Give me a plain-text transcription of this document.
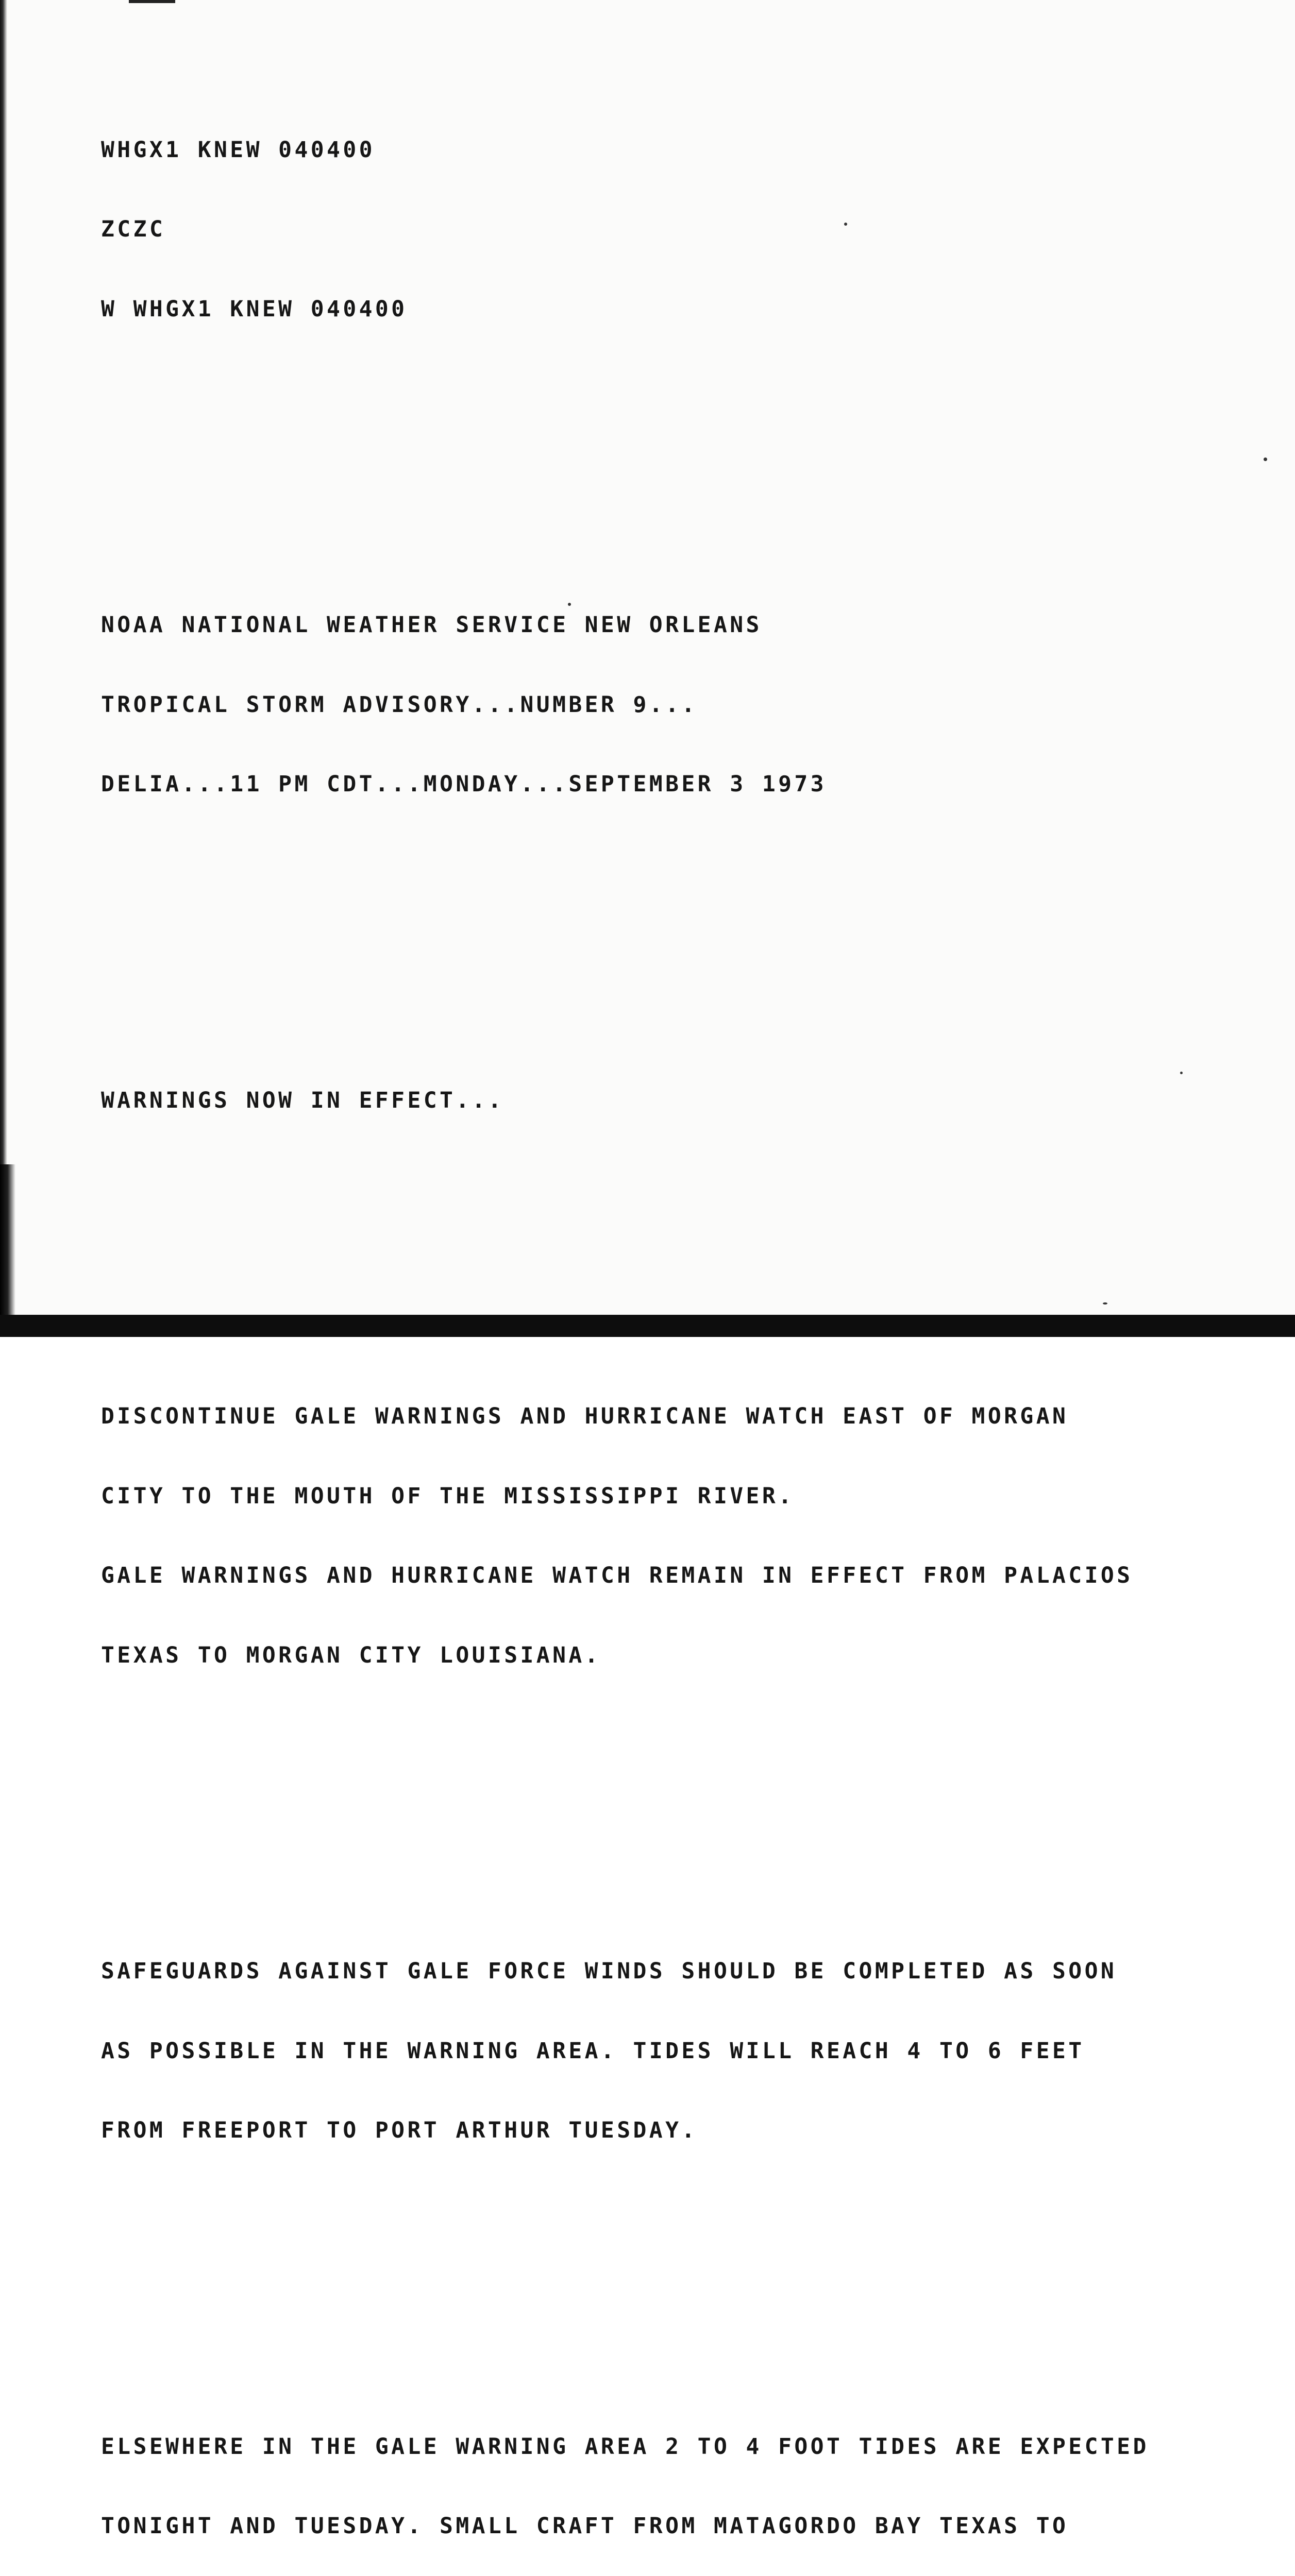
WHGX1 KNEW 040400

ZCZC

W WHGX1 KNEW 040400

NOAA NATIONAL WEATHER SERVICE NEW ORLEANS

TROPICAL STORM ADVISORY...NUMBER 9...

DELIA...11 PM CDT...MONDAY...SEPTEMBER 3 1973

WARNINGS NOW IN EFFECT...

DISCONTINUE GALE WARNINGS AND HURRICANE WATCH EAST OF MORGAN

CITY TO THE MOUTH OF THE MISSISSIPPI RIVER.

GALE WARNINGS AND HURRICANE WATCH REMAIN IN EFFECT FROM PALACIOS

TEXAS TO MORGAN CITY LOUISIANA.

SAFEGUARDS AGAINST GALE FORCE WINDS SHOULD BE COMPLETED AS SOON

AS POSSIBLE IN THE WARNING AREA. TIDES WILL REACH 4 TO 6 FEET

FROM FREEPORT TO PORT ARTHUR TUESDAY.

ELSEWHERE IN THE GALE WARNING AREA 2 TO 4 FOOT TIDES ARE EXPECTED

TONIGHT AND TUESDAY. SMALL CRAFT FROM MATAGORDO BAY TEXAS TO
